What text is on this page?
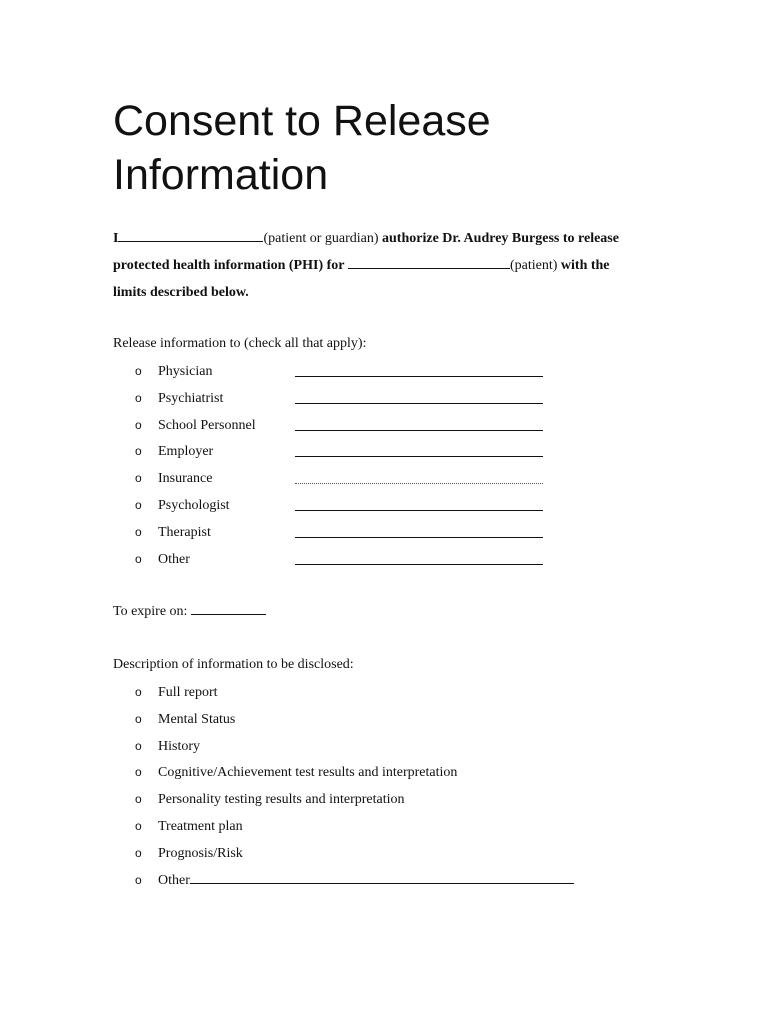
Consent to Release
Information
I	(patient or guardian) authorize Dr. Audrey Burgess to release
protected health information (PHI) for	(patient) with the
limits described below.

Release information to (check all that apply):

o Physician
o Psychiatrist
o School Personnel
o Employer
o Insurance
o Psychologist
o Therapist
o Other
To expire on:

Description of information to be disclosed:

o Full report
o Mental Status
o History
o Cognitive/Achievement test results and interpretation
o Personality testing results and interpretation
o Treatment plan
o Prognosis/Risk
o Other
